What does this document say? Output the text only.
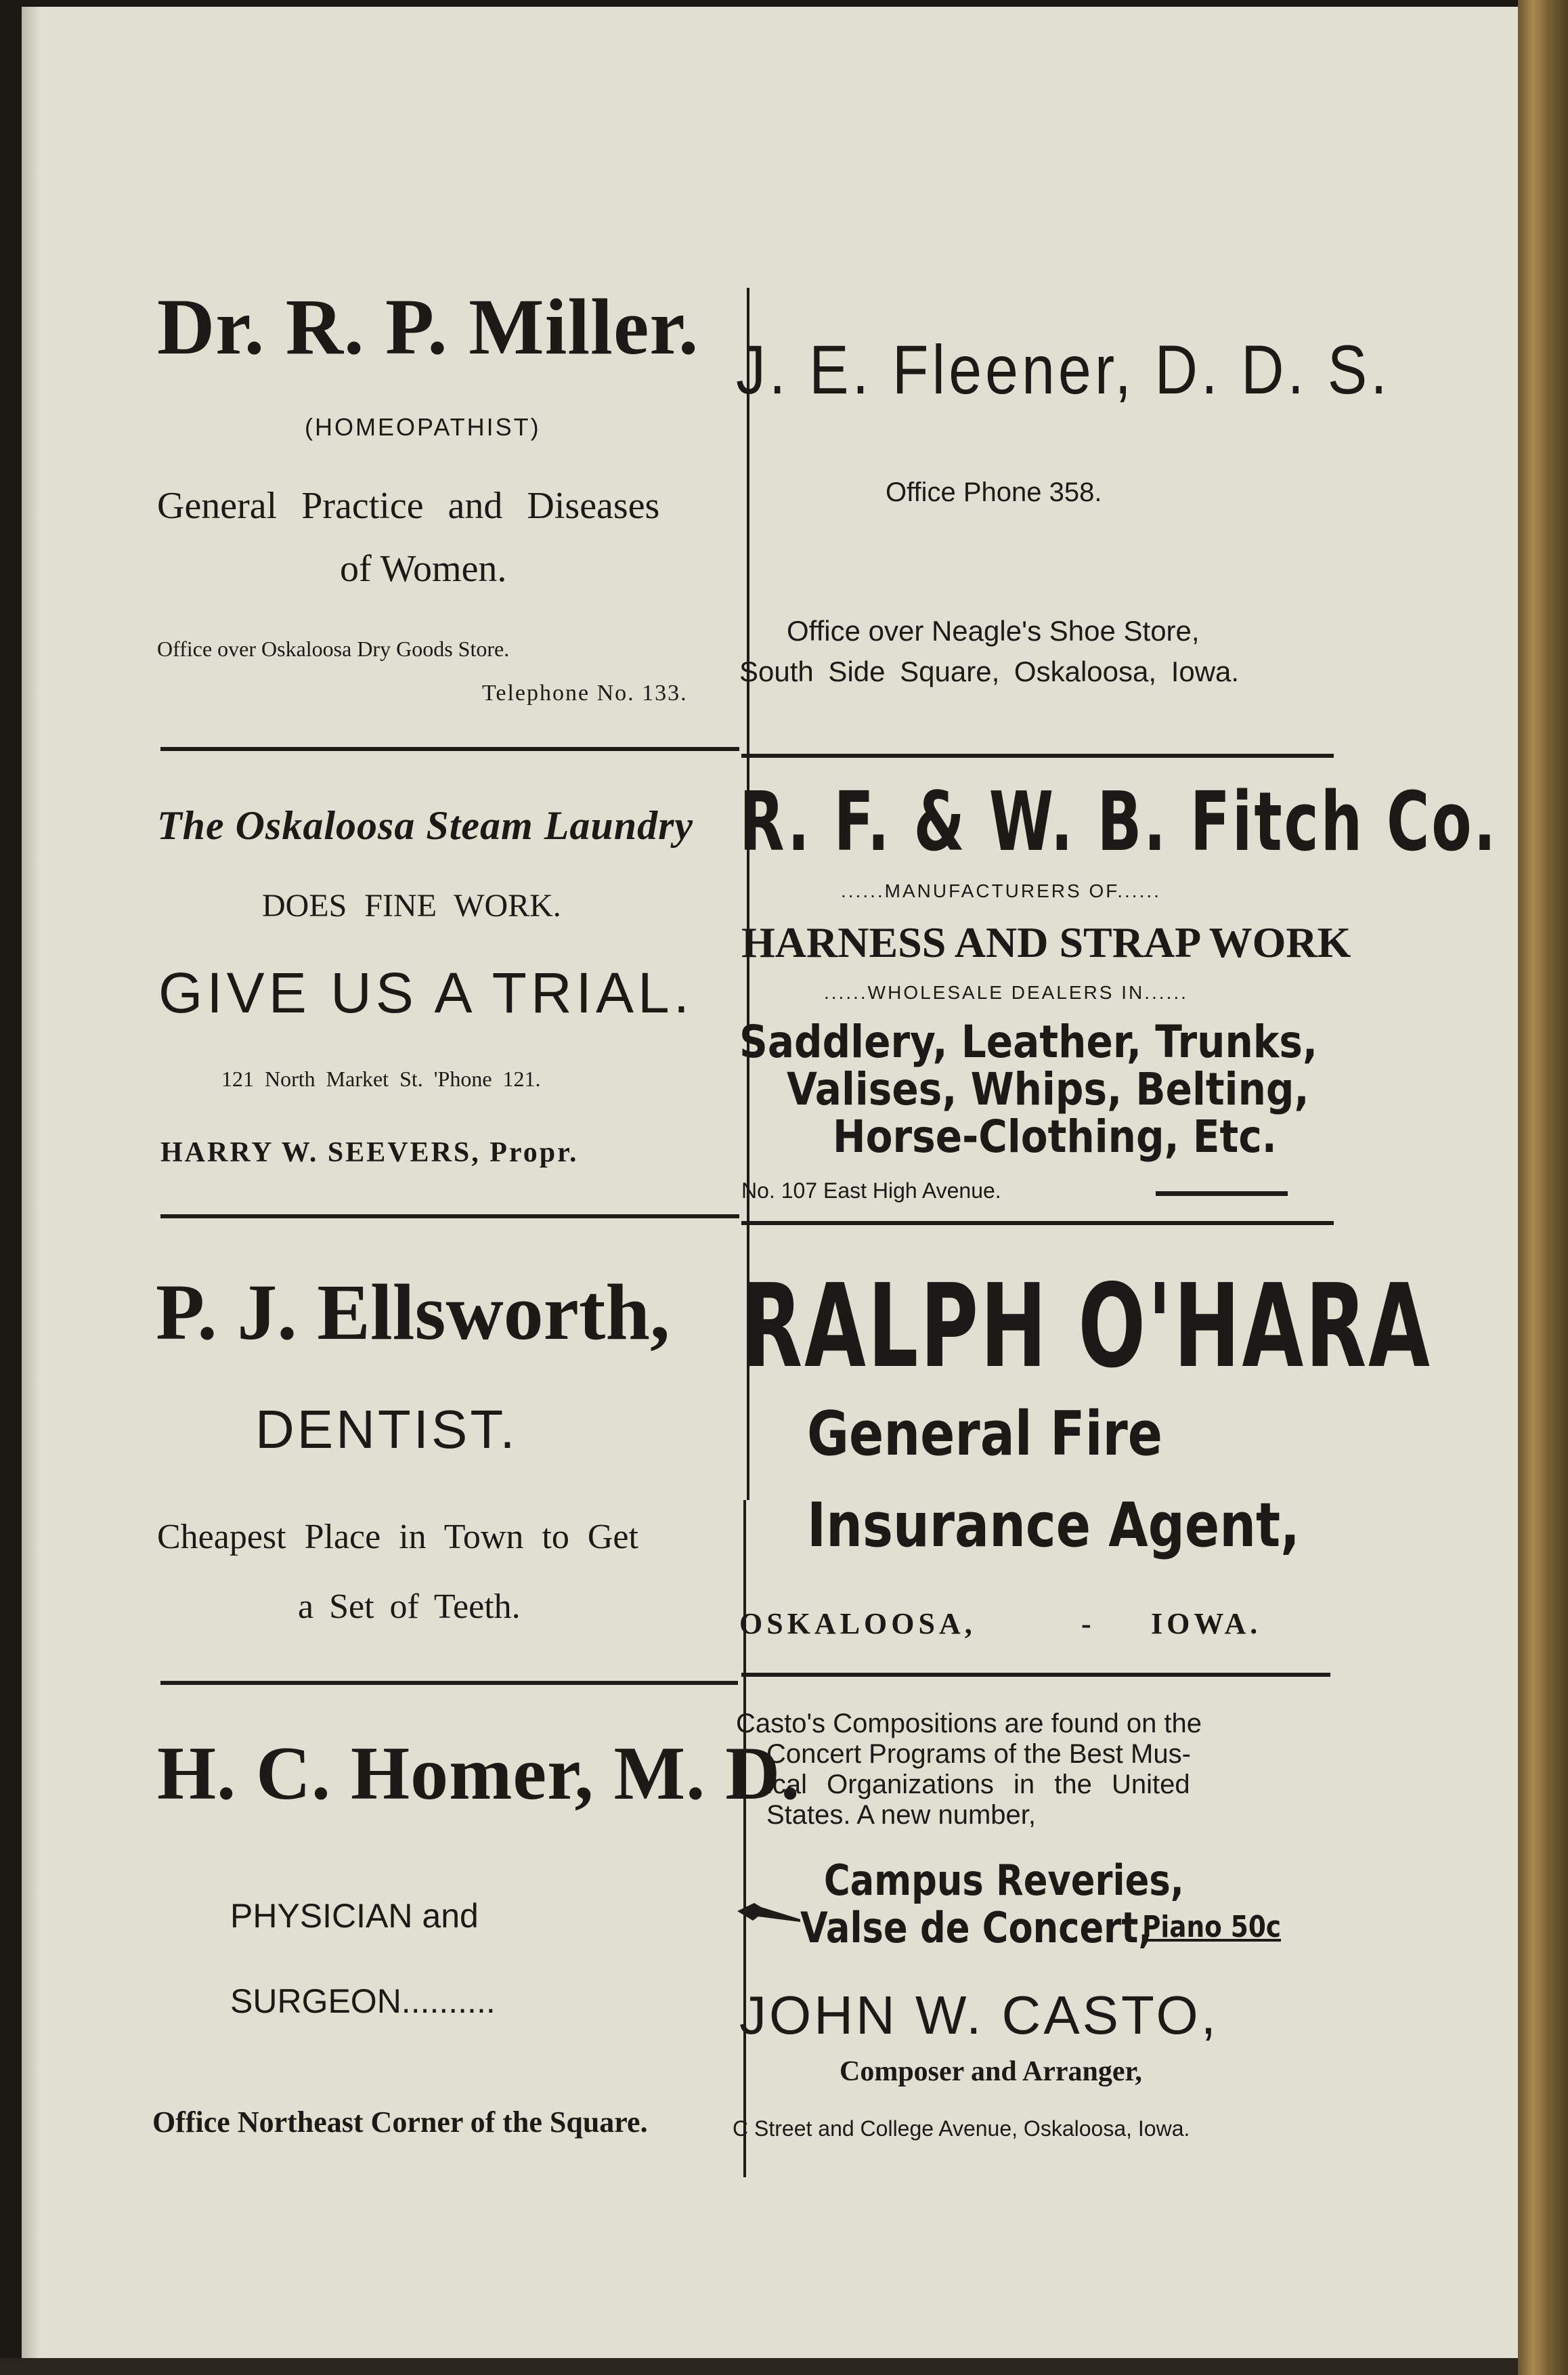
Dr. R. P. Miller.
(HOMEOPATHIST)
General Practice and Diseases
of Women.
Office over Oskaloosa Dry Goods Store.
Telephone No. 133.
J. E. Fleener, D. D. S.
Office Phone 358.
Office over Neagle's Shoe Store,
South Side Square, Oskaloosa, Iowa.
The Oskaloosa Steam Laundry
DOES FINE WORK.
GIVE US A TRIAL.
121 North Market St. 'Phone 121.
HARRY W. SEEVERS, Propr.
R. F. & W. B. Fitch Co.
......MANUFACTURERS OF......
HARNESS AND STRAP WORK
......WHOLESALE DEALERS IN......
Saddlery, Leather, Trunks,
Valises, Whips, Belting,
Horse-Clothing, Etc.
No. 107 East High Avenue.
P. J. Ellsworth,
DENTIST.
Cheapest Place in Town to Get
a Set of Teeth.
RALPH O'HARA
General Fire
Insurance Agent,
OSKALOOSA,	- IOWA.
H. C. Homer, M. D.
PHYSICIAN and
SURGEON..........
Office Northeast Corner of the Square.
Casto's Compositions are found on the
Concert Programs of the Best Mus-
ical Organizations in the United
States. A new number,
Campus Reveries,
Valse de Concert,
Piano 50c
JOHN W. CASTO,
Composer and Arranger,
C Street and College Avenue, Oskaloosa, Iowa.
